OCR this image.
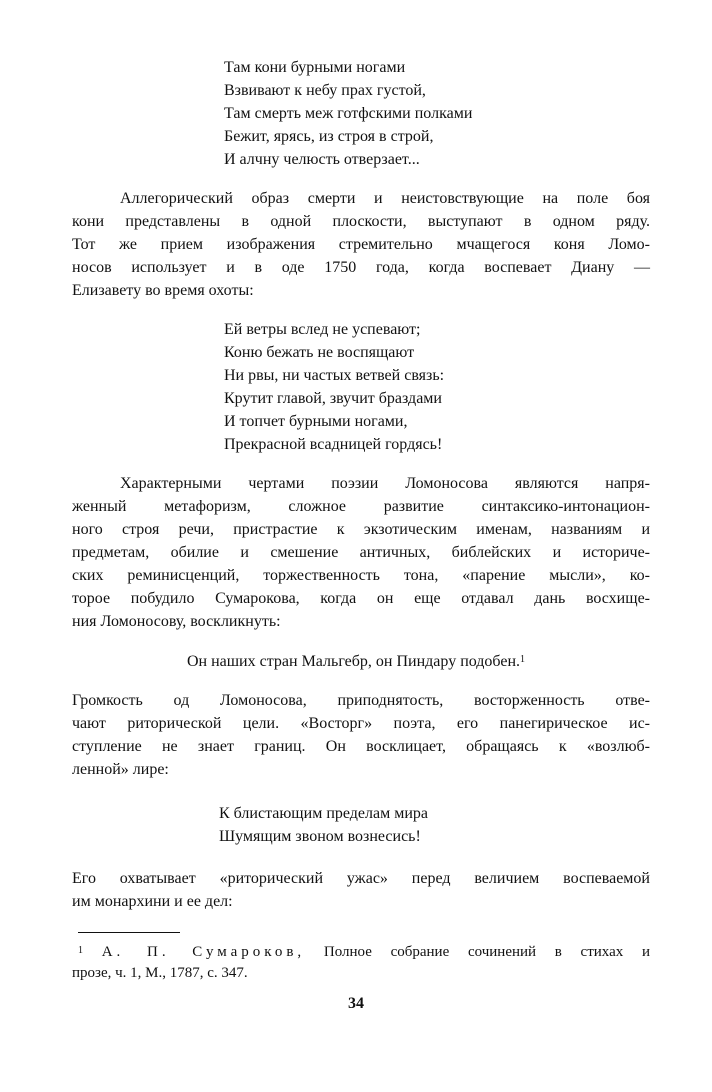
Там кони бурными ногами
Взвивают к небу прах густой,
Там смерть меж готфскими полками
Бежит, ярясь, из строя в строй,
И алчну челюсть отверзает...
Аллегорический образ смерти и неистовствующие на поле боя
кони представлены в одной плоскости, выступают в одном ряду.
Тот же прием изображения стремительно мчащегося коня Ломо-
носов использует и в оде 1750 года, когда воспевает Диану —
Елизавету во время охоты:
Ей ветры вслед не успевают;
Коню бежать не воспящают
Ни рвы, ни частых ветвей связь:
Крутит главой, звучит браздами
И топчет бурными ногами,
Прекрасной всадницей гордясь!
Характерными чертами поэзии Ломоносова являются напря-
женный метафоризм, сложное развитие синтаксико-интонацион-
ного строя речи, пристрастие к экзотическим именам, названиям и
предметам, обилие и смешение античных, библейских и историче-
ских реминисценций, торжественность тона, «парение мысли», ко-
торое побудило Сумарокова, когда он еще отдавал дань восхище-
ния Ломоносову, воскликнуть:
Он наших стран Мальгебр, он Пиндару подобен.$^1$
Громкость од Ломоносова, приподнятость, восторженность отве-
чают риторической цели. «Восторг» поэта, его панегирическое ис-
ступление не знает границ. Он восклицает, обращаясь к «возлюб-
ленной» лире:
К блистающим пределам мира
Шумящим звоном вознесись!
Его охватывает «риторический ужас» перед величием воспеваемой
им монархини и ее дел:
$^1$ А. П. Сумароков, Полное собрание сочинений в стихах и
прозе, ч. 1, М., 1787, с. 347.
34
